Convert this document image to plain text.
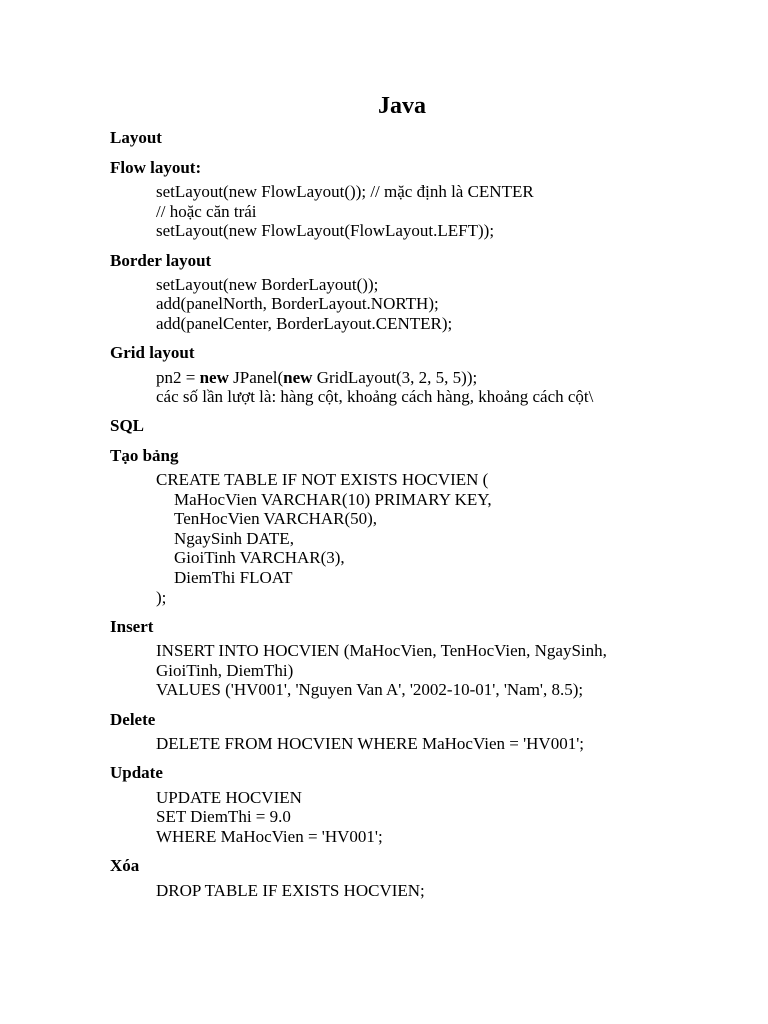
Java
Layout
Flow layout:
setLayout(new FlowLayout()); // mặc định là CENTER
// hoặc căn trái
setLayout(new FlowLayout(FlowLayout.LEFT));
Border layout
setLayout(new BorderLayout());
add(panelNorth, BorderLayout.NORTH);
add(panelCenter, BorderLayout.CENTER);
Grid layout
pn2 = new JPanel(new GridLayout(3, 2, 5, 5));
các số lần lượt là: hàng cột, khoảng cách hàng, khoảng cách cột\
SQL
Tạo bảng
CREATE TABLE IF NOT EXISTS HOCVIEN (
MaHocVien VARCHAR(10) PRIMARY KEY,
TenHocVien VARCHAR(50),
NgaySinh DATE,
GioiTinh VARCHAR(3),
DiemThi FLOAT
);
Insert
INSERT INTO HOCVIEN (MaHocVien, TenHocVien, NgaySinh,
GioiTinh, DiemThi)
VALUES ('HV001', 'Nguyen Van A', '2002-10-01', 'Nam', 8.5);
Delete
DELETE FROM HOCVIEN WHERE MaHocVien = 'HV001';
Update
UPDATE HOCVIEN
SET DiemThi = 9.0
WHERE MaHocVien = 'HV001';
Xóa
DROP TABLE IF EXISTS HOCVIEN;
